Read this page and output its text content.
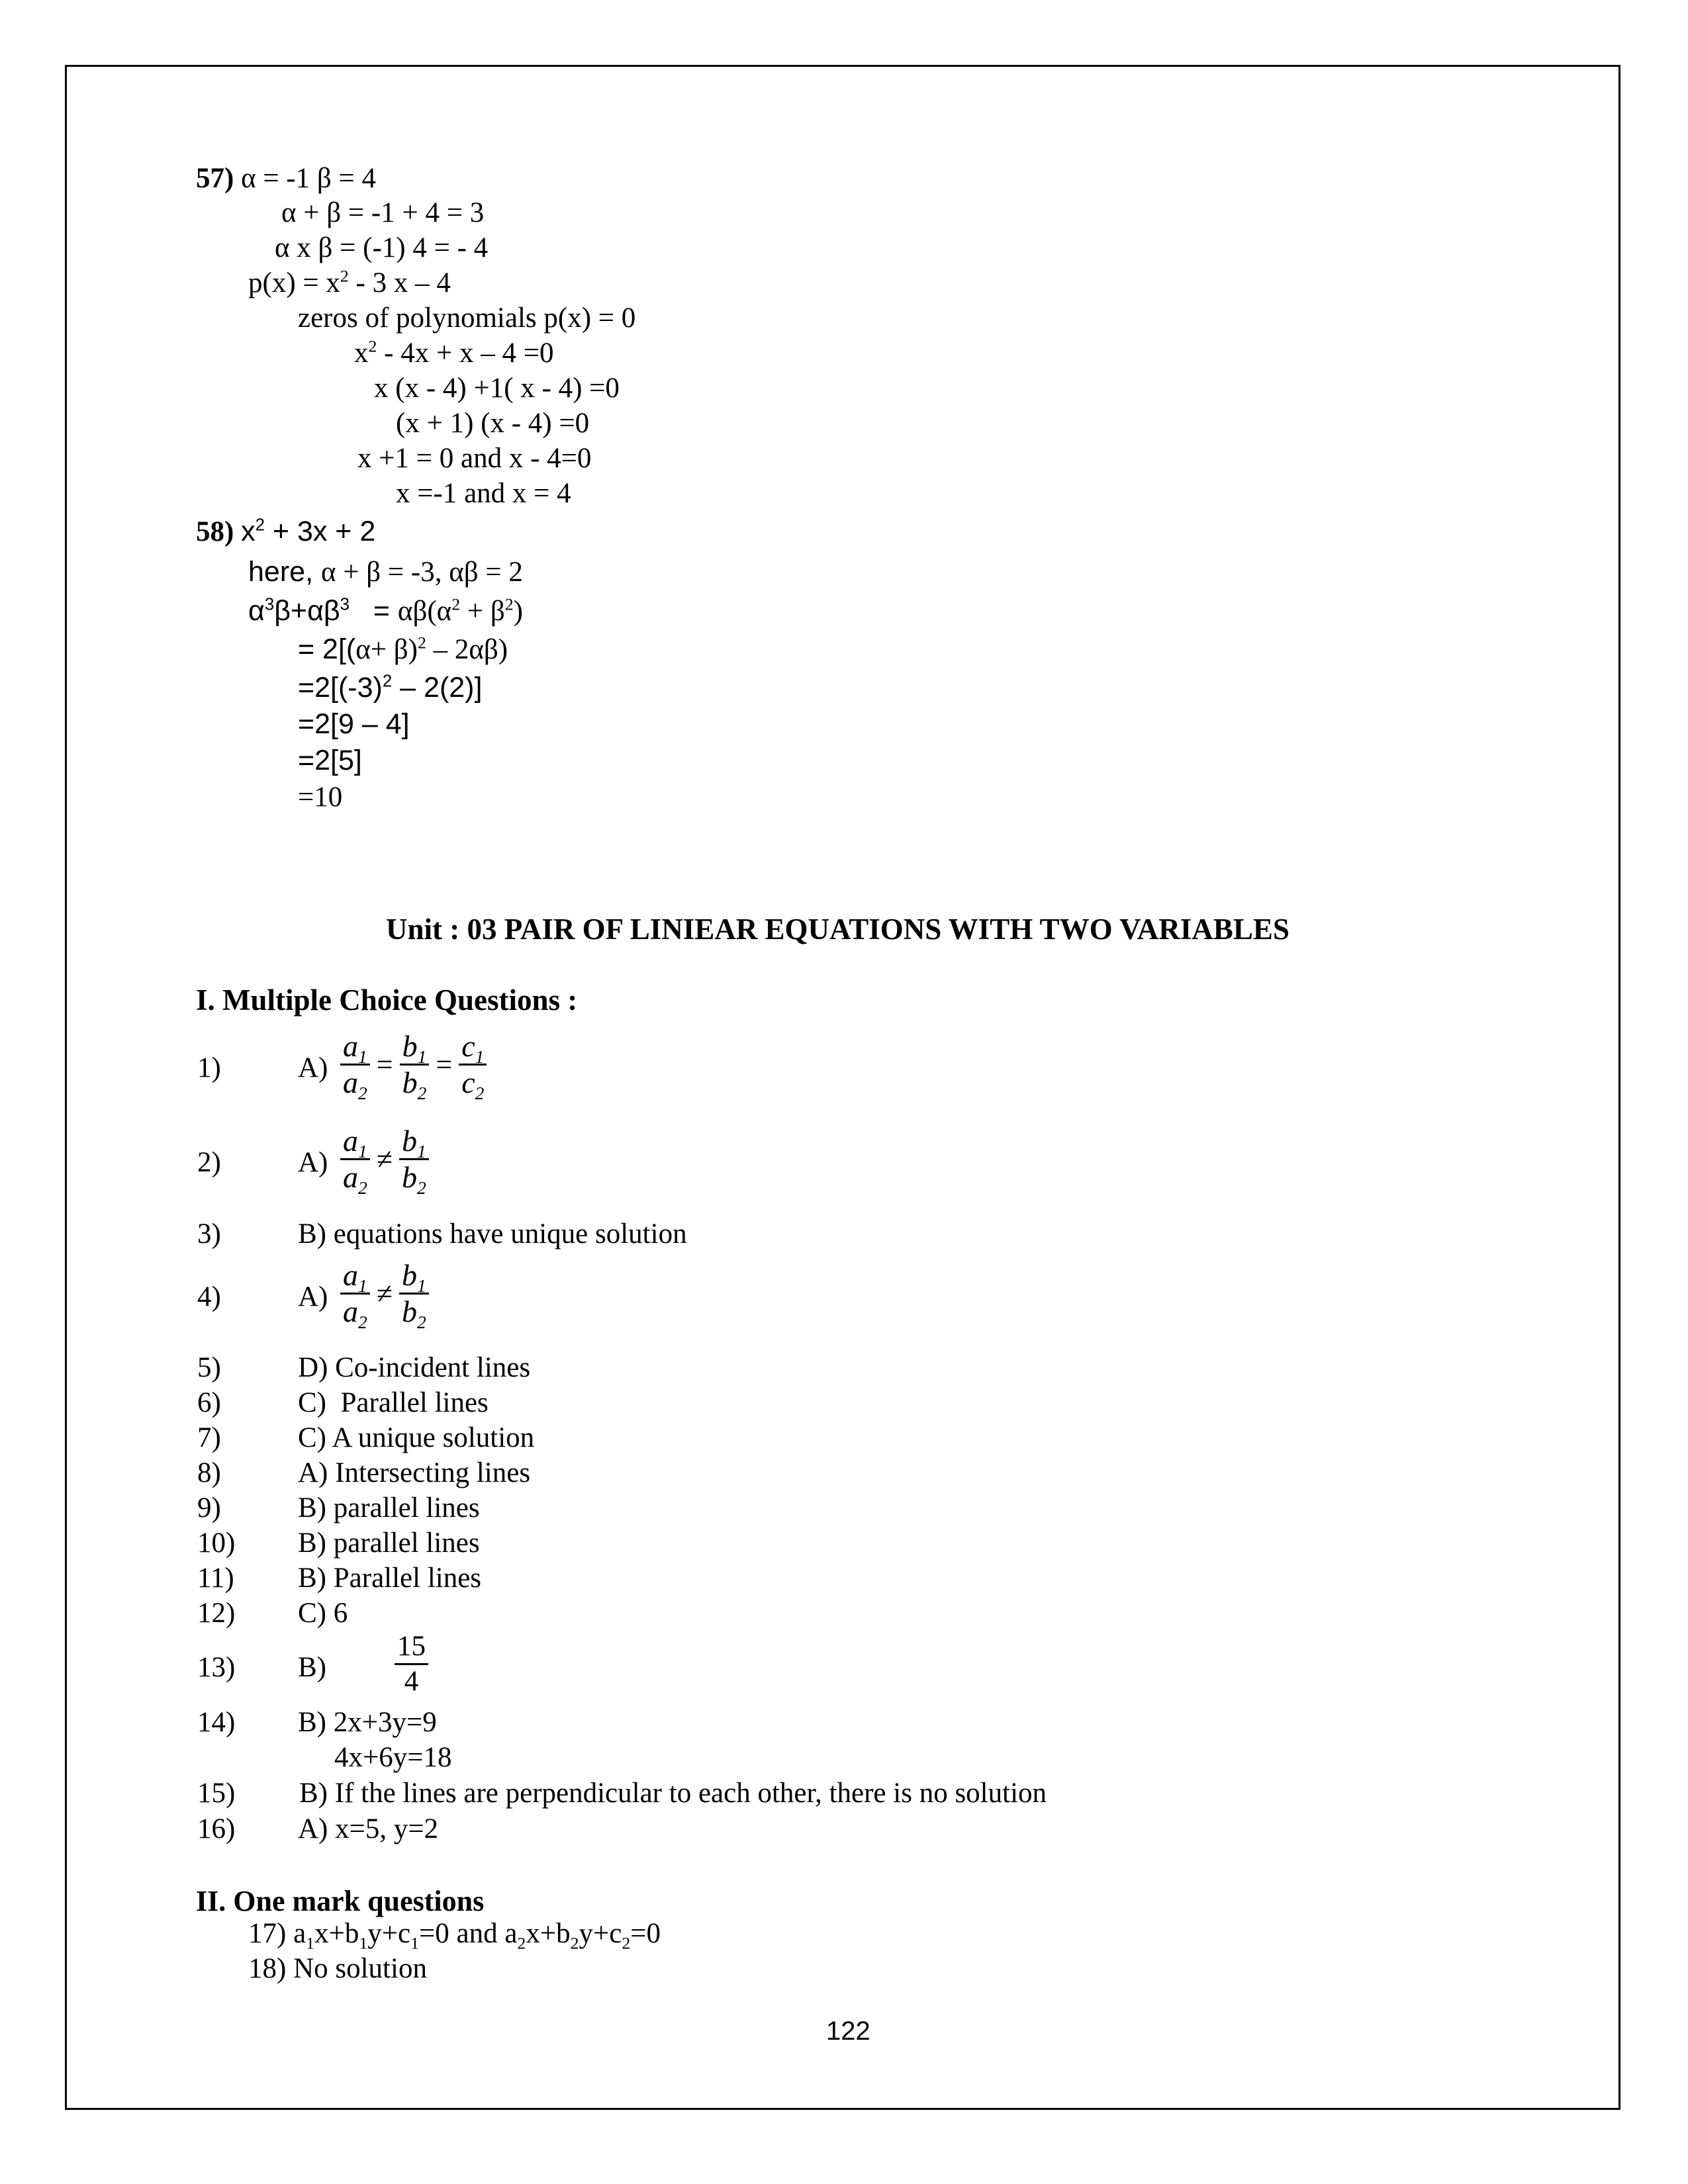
57) α = -1 β = 4
α + β = -1 + 4 = 3
α x β = (-1) 4 = - 4
$p(x) = x^2 - 3$ x – 4
zeros of polynomials p(x) = 0
$x^2 - 4x + x - 4 =0$
x (x - 4) +1( x - 4) =0
(x + 1) (x - 4) =0
x +1 = 0 and x - 4=0
x =-1 and x = 4
58) $x^2 + 3x + 2$
here, α + β = -3, αβ = 2
$\alpha^3\beta+\alpha\beta^3 = \alpha\beta(\alpha^2 + \beta^2)$
= $2[(\alpha+ \beta)^2 - 2\alpha\beta)$
$=2[(-3)^2 - 2(2)]$
=2[9 – 4]
=2[5]
=10
Unit : 03 PAIR OF LINIEAR EQUATIONS WITH TWO VARIABLES
I. Multiple Choice Questions :
1)	$A) \frac{a_1}{a_2} = \frac{b_1}{b_2} = \frac{c_1}{c_2}$
2)	$A) \frac{a_1}{a_2} \ne \frac{b_1}{b_2}$
3)	B) equations have unique solution
4)	$A) \frac{a_1}{a_2} \ne \frac{b_1}{b_2}$
5)	D) Co-incident lines
6)	C)  Parallel lines
7)	C) A unique solution
8)	A) Intersecting lines
9)	B) parallel lines
10) B) parallel lines
11) B) Parallel lines
12) C) 6
13) $B) \frac{15}{4}$
14) B) 2x+3y=9
4x+6y=18
15) B) If the lines are perpendicular to each other, there is no solution
16) A) x=5, y=2
II. One mark questions
17) $a_1x+b_1y+c_1=0$ and $a_2x+b_2y+c_2=0$
18) No solution
122
